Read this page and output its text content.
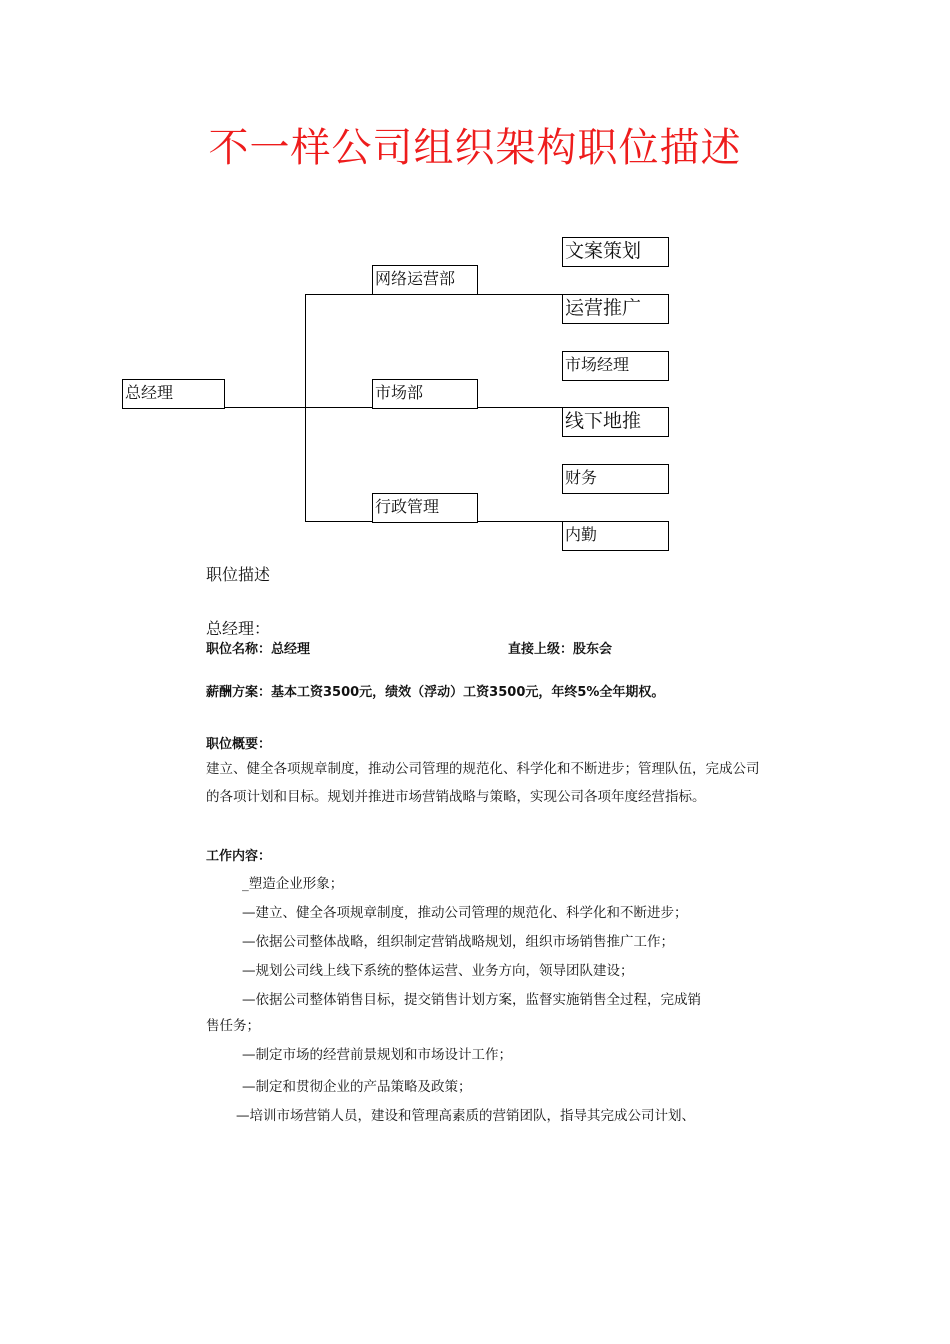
不一样公司组织架构职位描述
总经理
网络运营部
市场部
行政管理
文案策划
运营推广
市场经理
线下地推
财务
内勤
职位描述
总经理：
职位名称：总经理	直接上级：股东会
薪酬方案：基本工资3500元，绩效（浮动）工资3500元，年终5%全年期权。
职位概要：
建立、健全各项规章制度，推动公司管理的规范化、科学化和不断进步；管理队伍，完成公司的各项计划和目标。规划并推进市场营销战略与策略，实现公司各项年度经营指标。
工作内容：
_塑造企业形象；
—建立、健全各项规章制度，推动公司管理的规范化、科学化和不断进步；
—依据公司整体战略，组织制定营销战略规划，组织市场销售推广工作；
—规划公司线上线下系统的整体运营、业务方向，领导团队建设；
—依据公司整体销售目标，提交销售计划方案，监督实施销售全过程，完成销
售任务；
—制定市场的经营前景规划和市场设计工作；
—制定和贯彻企业的产品策略及政策；
—培训市场营销人员，建设和管理高素质的营销团队，指导其完成公司计划、
